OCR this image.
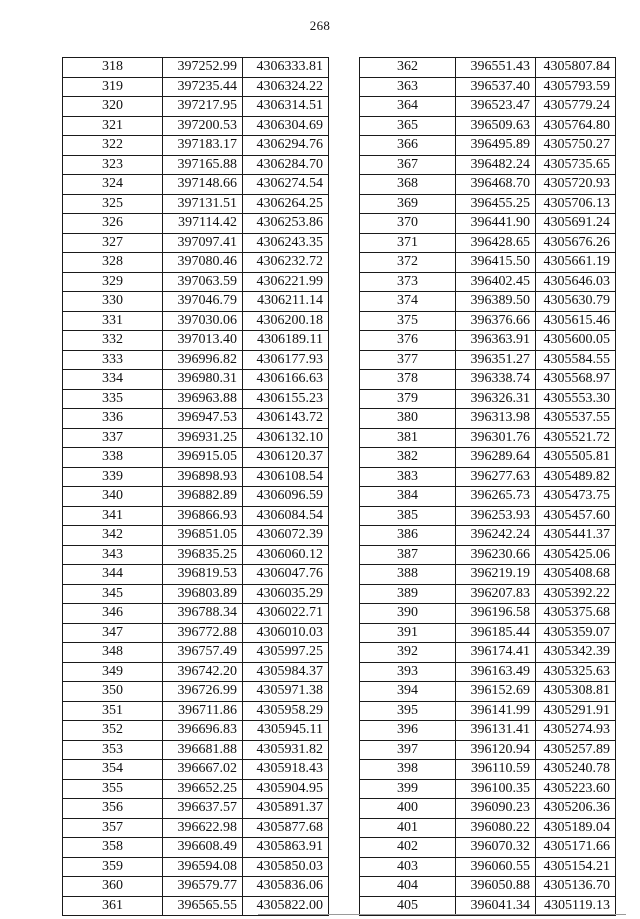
268
318	397252.99	4306333.81
319	397235.44	4306324.22
320	397217.95	4306314.51
321	397200.53	4306304.69
322	397183.17	4306294.76
323	397165.88	4306284.70
324	397148.66	4306274.54
325	397131.51	4306264.25
326	397114.42	4306253.86
327	397097.41	4306243.35
328	397080.46	4306232.72
329	397063.59	4306221.99
330	397046.79	4306211.14
331	397030.06	4306200.18
332	397013.40	4306189.11
333	396996.82	4306177.93
334	396980.31	4306166.63
335	396963.88	4306155.23
336	396947.53	4306143.72
337	396931.25	4306132.10
338	396915.05	4306120.37
339	396898.93	4306108.54
340	396882.89	4306096.59
341	396866.93	4306084.54
342	396851.05	4306072.39
343	396835.25	4306060.12
344	396819.53	4306047.76
345	396803.89	4306035.29
346	396788.34	4306022.71
347	396772.88	4306010.03
348	396757.49	4305997.25
349	396742.20	4305984.37
350	396726.99	4305971.38
351	396711.86	4305958.29
352	396696.83	4305945.11
353	396681.88	4305931.82
354	396667.02	4305918.43
355	396652.25	4305904.95
356	396637.57	4305891.37
357	396622.98	4305877.68
358	396608.49	4305863.91
359	396594.08	4305850.03
360	396579.77	4305836.06
361	396565.55	4305822.00
362	396551.43	4305807.84
363	396537.40	4305793.59
364	396523.47	4305779.24
365	396509.63	4305764.80
366	396495.89	4305750.27
367	396482.24	4305735.65
368	396468.70	4305720.93
369	396455.25	4305706.13
370	396441.90	4305691.24
371	396428.65	4305676.26
372	396415.50	4305661.19
373	396402.45	4305646.03
374	396389.50	4305630.79
375	396376.66	4305615.46
376	396363.91	4305600.05
377	396351.27	4305584.55
378	396338.74	4305568.97
379	396326.31	4305553.30
380	396313.98	4305537.55
381	396301.76	4305521.72
382	396289.64	4305505.81
383	396277.63	4305489.82
384	396265.73	4305473.75
385	396253.93	4305457.60
386	396242.24	4305441.37
387	396230.66	4305425.06
388	396219.19	4305408.68
389	396207.83	4305392.22
390	396196.58	4305375.68
391	396185.44	4305359.07
392	396174.41	4305342.39
393	396163.49	4305325.63
394	396152.69	4305308.81
395	396141.99	4305291.91
396	396131.41	4305274.93
397	396120.94	4305257.89
398	396110.59	4305240.78
399	396100.35	4305223.60
400	396090.23	4305206.36
401	396080.22	4305189.04
402	396070.32	4305171.66
403	396060.55	4305154.21
404	396050.88	4305136.70
405	396041.34	4305119.13
